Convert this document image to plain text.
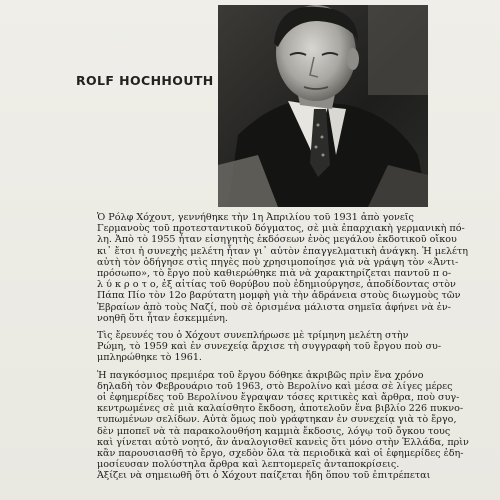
ROLF HOCHHOUTH

Ὁ Ρόλφ Χόχουτ, γεννήθηκε τὴν 1η Ἀπριλίου τοῦ 1931 ἀπὸ γονεῖς
Γερμανοὺς τοῦ προτεσταντικοῦ δόγματος, σὲ μιὰ ἐπαρχιακὴ γερμανικὴ πό-
λη. Ἀπὸ τὸ 1955 ἦταν εἰσηγητὴς ἐκδόσεων ἑνὸς μεγάλου ἐκδοτικοῦ οἴκου
κι᾿ ἔτσι ἡ συνεχὴς μελέτη ἦταν γι᾿ αὐτὸν ἐπαγγελματικὴ ἀνάγκη. Ἡ μελέτη
αὐτὴ τὸν ὁδήγησε στὶς πηγὲς ποὺ χρησιμοποίησε γιὰ νὰ γράψη τὸν «Ἀντι-
πρόσωπο», τὸ ἔργο ποὺ καθιερώθηκε πιὰ νὰ χαρακτηρίζεται παντοῦ π ο-
λ ύ κ ρ ο τ ο, ἐξ αἰτίας τοῦ θορύβου ποὺ ἐδημιούργησε, ἀποδίδοντας στὸν
Πάπα Πίο τὸν 12ο βαρύτατη μομφὴ γιὰ τὴν ἀδράνεια στοὺς διωγμοὺς τῶν
Ἑβραίων ἀπὸ τοὺς Ναζί, ποὺ σὲ ὁρισμένα μάλιστα σημεῖα ἀφήνει νὰ ἐν-
νοηθῆ ὅτι ἦταν ἐσκεμμένη.

Τὶς ἔρευνές του ὁ Χόχουτ συνεπλήρωσε μὲ τρίμηνη μελέτη στὴν
Ρώμη, τὸ 1959 καὶ ἐν συνεχείᾳ ἄρχισε τὴ συγγραφὴ τοῦ ἔργου ποὺ συ-
μπληρώθηκε τὸ 1961.

Ἡ παγκόσμιος πρεμιέρα τοῦ ἔργου δόθηκε ἀκριβῶς πρὶν ἕνα χρόνο
δηλαδὴ τὸν Φεβρουάριο τοῦ 1963, στὸ Βερολίνο καὶ μέσα σὲ λίγες μέρες
οἱ ἐφημερίδες τοῦ Βερολίνου ἔγραψαν τόσες κριτικὲς καὶ ἄρθρα, ποὺ συγ-
κεντρωμένες σὲ μιὰ καλαίσθητο ἔκδοση, ἀποτελοῦν ἕνα βιβλίο 226 πυκνο-
τυπωμένων σελίδων. Αὐτὰ ὅμως ποὺ γράφτηκαν ἐν συνεχείᾳ γιὰ τὸ ἔργο,
δὲν μποπεῖ νὰ τὰ παρακολουθήση καμμιὰ ἔκδοσις, λόγῳ τοῦ ὄγκου τους
καὶ γίνεται αὐτὸ νοητό, ἂν ἀναλογισθεῖ κανεὶς ὅτι μόνο στὴν Ἑλλάδα, πρὶν
κἂν παρουσιασθῆ τὸ ἔργο, σχεδὸν ὅλα τὰ περιοδικὰ καὶ οἱ ἐφημερίδες ἐδη-
μοσίευσαν πολύστηλα ἄρθρα καὶ λεπτομερεῖς ἀνταποκρίσεις.
Ἀξίζει νὰ σημειωθῆ ὅτι ὁ Χόχουτ παίζεται ἤδη ὅπου τοῦ ἐπιτρέπεται
